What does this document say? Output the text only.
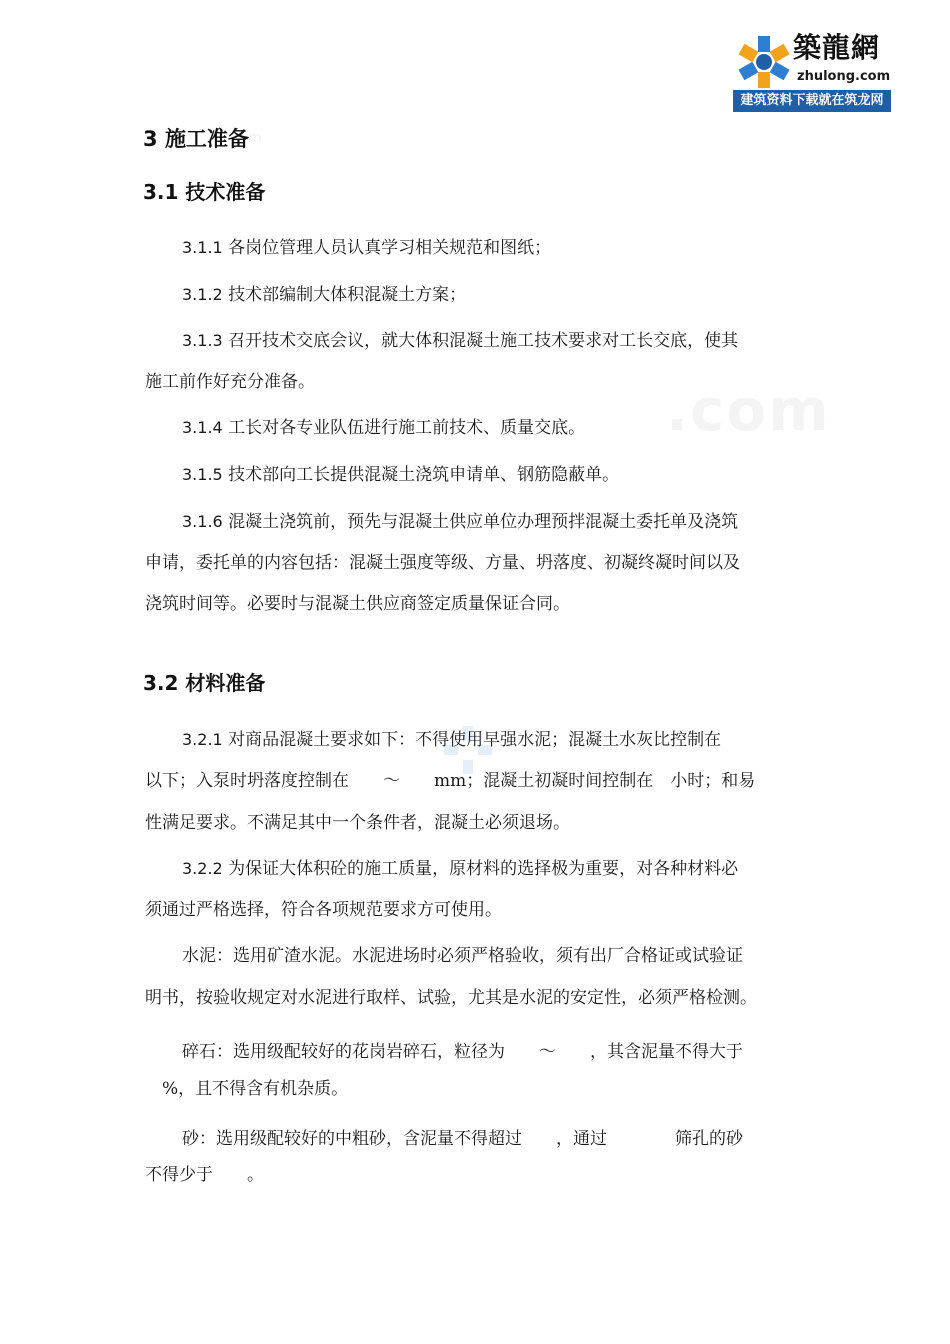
築龍網
zhulong.com
建筑资料下载就在筑龙网
m
.com
3 施工准备
3.1 技术准备
3.1.1 各岗位管理人员认真学习相关规范和图纸；
3.1.2 技术部编制大体积混凝土方案；
3.1.3 召开技术交底会议，就大体积混凝土施工技术要求对工长交底，使其
施工前作好充分准备。
3.1.4 工长对各专业队伍进行施工前技术、质量交底。
3.1.5 技术部向工长提供混凝土浇筑申请单、钢筋隐蔽单。
3.1.6 混凝土浇筑前，预先与混凝土供应单位办理预拌混凝土委托单及浇筑
申请，委托单的内容包括：混凝土强度等级、方量、坍落度、初凝终凝时间以及
浇筑时间等。必要时与混凝土供应商签定质量保证合同。
3.2 材料准备
3.2.1 对商品混凝土要求如下：不得使用早强水泥；混凝土水灰比控制在
以下；入泵时坍落度控制在　　～　　mm；混凝土初凝时间控制在　小时；和易
性满足要求。不满足其中一个条件者，混凝土必须退场。
3.2.2 为保证大体积砼的施工质量，原材料的选择极为重要，对各种材料必
须通过严格选择，符合各项规范要求方可使用。
水泥：选用矿渣水泥。水泥进场时必须严格验收，须有出厂合格证或试验证
明书，按验收规定对水泥进行取样、试验，尤其是水泥的安定性，必须严格检测。
碎石：选用级配较好的花岗岩碎石，粒径为　　～　　，其含泥量不得大于
　%，且不得含有机杂质。
砂：选用级配较好的中粗砂，含泥量不得超过　　，通过　　　　筛孔的砂
不得少于　　。
